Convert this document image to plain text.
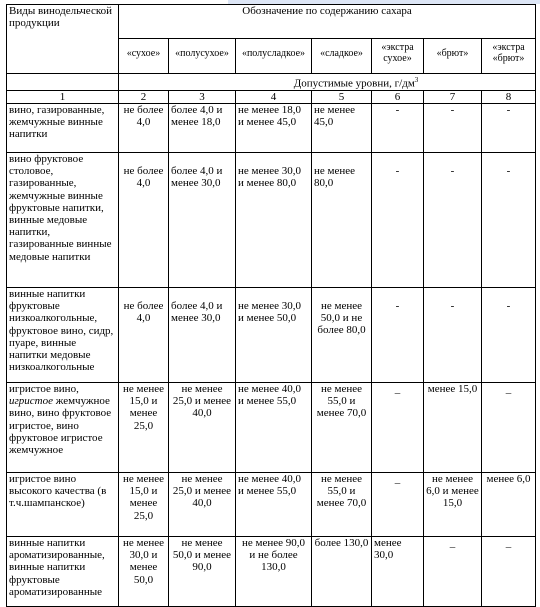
Виды винодельческой продукции	Обозначение по содержанию сахара						
	«сухое»	«полусухое»	«полусладкое»	«сладкое»	«экстра сухое»	«брют»	«экстра «брют»
	Допустимые уровни, $г/дм^3$
1	2	3	4	5	6	7	8
вино, газированные, жемчужные винные напитки	не более 4,0	более 4,0 и менее 18,0	не менее 18,0 и менее 45,0	не менее 45,0	-	-	-
вино фруктовое столовое, газированные, жемчужные винные фруктовые напитки, винные медовые напитки, газированные винные медовые напитки	не более 4,0	более 4,0 и менее 30,0	не менее 30,0 и менее 80,0	не менее 80,0	-	-	-
винные напитки фруктовые низкоалкогольные, фруктовое вино, сидр, пуаре, винные напитки медовые низкоалкогольные	не более 4,0	более 4,0 и менее 30,0	не менее 30,0 и менее 50,0	не менее 50,0 и не более 80,0	-	-	-
игристое вино, игристое жемчужное вино, вино фруктовое игристое, вино фруктовое игристое жемчужное	не менее 15,0 и менее 25,0	не менее 25,0 и менее 40,0	не менее 40,0 и менее 55,0	не менее 55,0 и менее 70,0	_	менее 15,0	_
игристое вино высокого качества (в т.ч.шампанское)	не менее 15,0 и менее 25,0	не менее 25,0 и менее 40,0	не менее 40,0 и менее 55,0	не менее 55,0 и менее 70,0	_	не менее 6,0 и менее 15,0	менее 6,0
винные напитки ароматизированные, винные напитки фруктовые ароматизированные	не менее 30,0 и менее 50,0	не менее 50,0 и менее 90,0	не менее 90,0 и не более 130,0	более 130,0	менее 30,0	_	_
